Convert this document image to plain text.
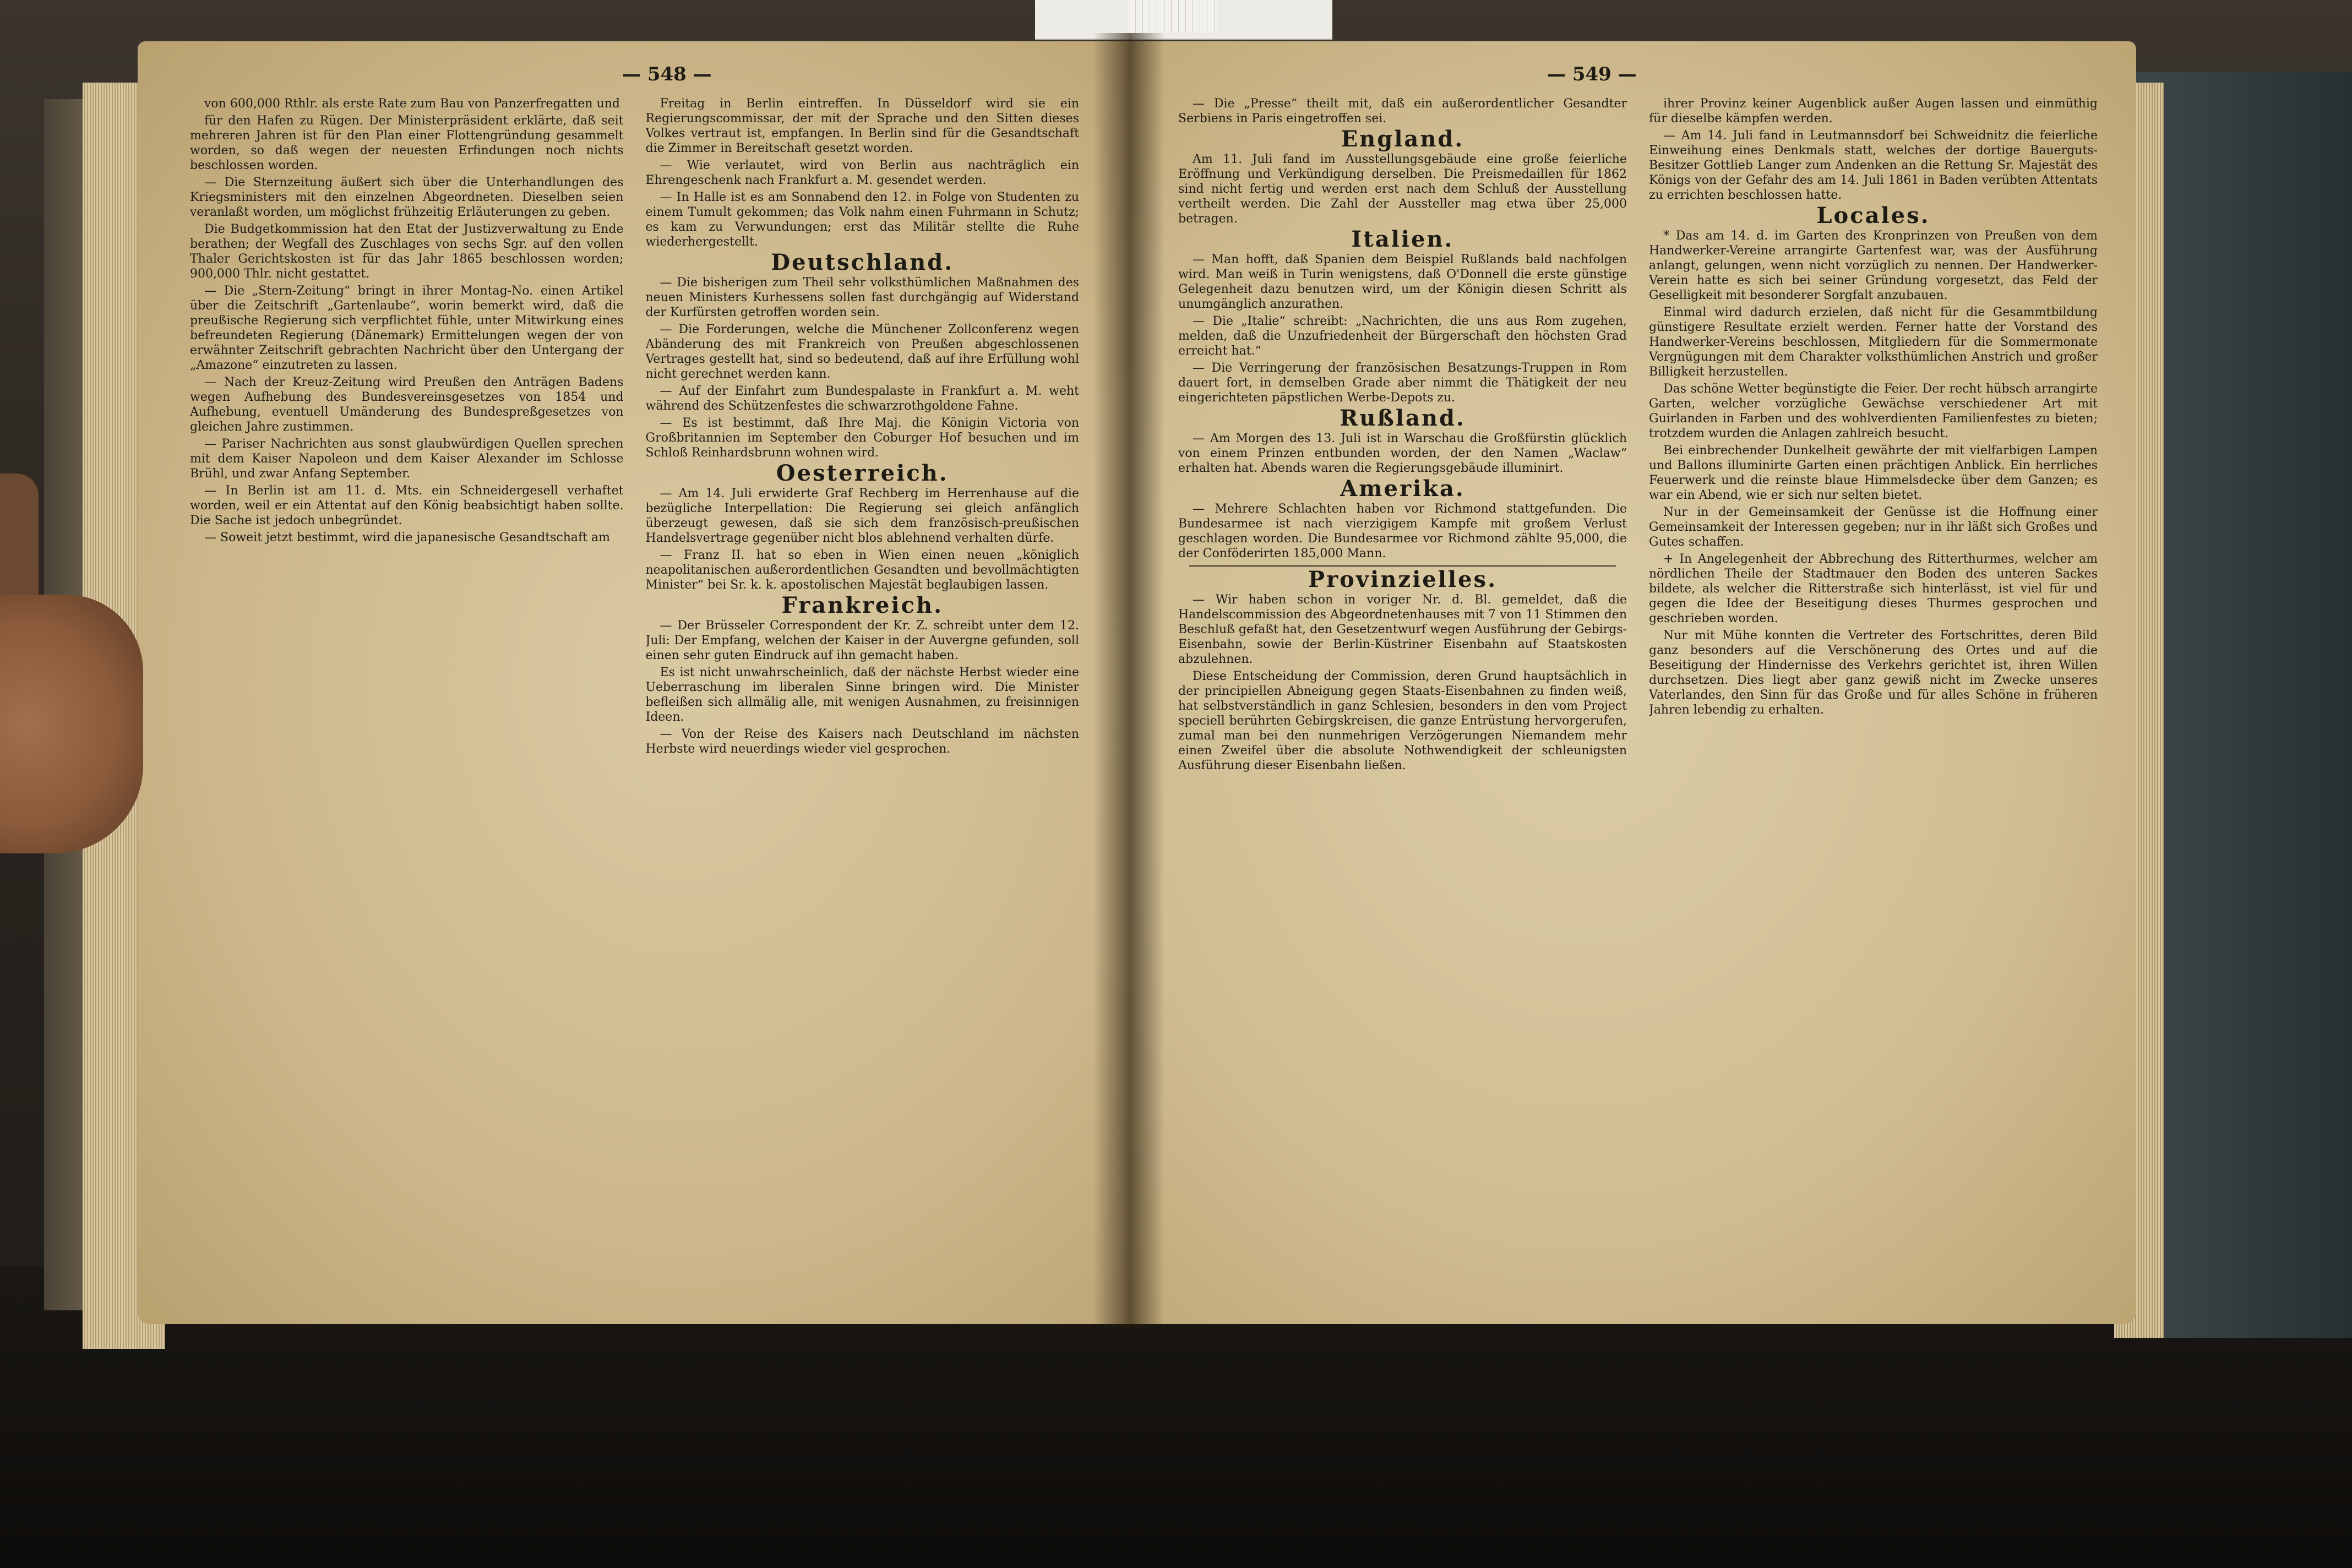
— 548 —

von 600,000 Rthlr. als erste Rate zum Bau von Panzerfregatten und

für den Hafen zu Rügen. Der Ministerpräsident erklärte, daß seit mehreren Jahren ist für den Plan einer Flottengründung gesammelt worden, so daß wegen der neuesten Erfindungen noch nichts beschlossen worden.

— Die Sternzeitung äußert sich über die Unterhandlungen des Kriegsministers mit den einzelnen Abgeordneten. Dieselben seien veranlaßt worden, um möglichst frühzeitig Erläuterungen zu geben.

Die Budgetkommission hat den Etat der Justizverwaltung zu Ende berathen; der Wegfall des Zuschlages von sechs Sgr. auf den vollen Thaler Gerichtskosten ist für das Jahr 1865 beschlossen worden; 900,000 Thlr. nicht gestattet.

— Die „Stern-Zeitung“ bringt in ihrer Montag-No. einen Artikel über die Zeitschrift „Gartenlaube“, worin bemerkt wird, daß die preußische Regierung sich verpflichtet fühle, unter Mitwirkung eines befreundeten Regierung (Dänemark) Ermittelungen wegen der von erwähnter Zeitschrift gebrachten Nachricht über den Untergang der „Amazone“ einzutreten zu lassen.

— Nach der Kreuz-Zeitung wird Preußen den Anträgen Badens wegen Aufhebung des Bundesvereinsgesetzes von 1854 und Aufhebung, eventuell Umänderung des Bundespreßgesetzes von gleichen Jahre zustimmen.

— Pariser Nachrichten aus sonst glaubwürdigen Quellen sprechen mit dem Kaiser Napoleon und dem Kaiser Alexander im Schlosse Brühl, und zwar Anfang September.

— In Berlin ist am 11. d. Mts. ein Schneidergesell verhaftet worden, weil er ein Attentat auf den König beabsichtigt haben sollte. Die Sache ist jedoch unbegründet.

— Soweit jetzt bestimmt, wird die japanesische Gesandtschaft am

Freitag in Berlin eintreffen. In Düsseldorf wird sie ein Regierungscommissar, der mit der Sprache und den Sitten dieses Volkes vertraut ist, empfangen. In Berlin sind für die Gesandtschaft die Zimmer in Bereitschaft gesetzt worden.

— Wie verlautet, wird von Berlin aus nachträglich ein Ehrengeschenk nach Frankfurt a. M. gesendet werden.

— In Halle ist es am Sonnabend den 12. in Folge von Studenten zu einem Tumult gekommen; das Volk nahm einen Fuhrmann in Schutz; es kam zu Verwundungen; erst das Militär stellte die Ruhe wiederhergestellt.

Deutschland.

— Die bisherigen zum Theil sehr volksthümlichen Maßnahmen des neuen Ministers Kurhessens sollen fast durchgängig auf Widerstand der Kurfürsten getroffen worden sein.

— Die Forderungen, welche die Münchener Zollconferenz wegen Abänderung des mit Frankreich von Preußen abgeschlossenen Vertrages gestellt hat, sind so bedeutend, daß auf ihre Erfüllung wohl nicht gerechnet werden kann.

— Auf der Einfahrt zum Bundespalaste in Frankfurt a. M. weht während des Schützenfestes die schwarzrothgoldene Fahne.

— Es ist bestimmt, daß Ihre Maj. die Königin Victoria von Großbritannien im September den Coburger Hof besuchen und im Schloß Reinhardsbrunn wohnen wird.

Oesterreich.

— Am 14. Juli erwiderte Graf Rechberg im Herrenhause auf die bezügliche Interpellation: Die Regierung sei gleich anfänglich überzeugt gewesen, daß sie sich dem französisch-preußischen Handelsvertrage gegenüber nicht blos ablehnend verhalten dürfe.

— Franz II. hat so eben in Wien einen neuen „königlich neapolitanischen außerordentlichen Gesandten und bevollmächtigten Minister“ bei Sr. k. k. apostolischen Majestät beglaubigen lassen.

Frankreich.

— Der Brüsseler Correspondent der Kr. Z. schreibt unter dem 12. Juli: Der Empfang, welchen der Kaiser in der Auvergne gefunden, soll einen sehr guten Eindruck auf ihn gemacht haben.

Es ist nicht unwahrscheinlich, daß der nächste Herbst wieder eine Ueberraschung im liberalen Sinne bringen wird. Die Minister befleißen sich allmälig alle, mit wenigen Ausnahmen, zu freisinnigen Ideen.

— Von der Reise des Kaisers nach Deutschland im nächsten Herbste wird neuerdings wieder viel gesprochen.

— 549 —

— Die „Presse“ theilt mit, daß ein außerordentlicher Gesandter Serbiens in Paris eingetroffen sei.

England.

Am 11. Juli fand im Ausstellungsgebäude eine große feierliche Eröffnung und Verkündigung derselben. Die Preismedaillen für 1862 sind nicht fertig und werden erst nach dem Schluß der Ausstellung vertheilt werden. Die Zahl der Aussteller mag etwa über 25,000 betragen.

Italien.

— Man hofft, daß Spanien dem Beispiel Rußlands bald nachfolgen wird. Man weiß in Turin wenigstens, daß O'Donnell die erste günstige Gelegenheit dazu benutzen wird, um der Königin diesen Schritt als unumgänglich anzurathen.

— Die „Italie“ schreibt: „Nachrichten, die uns aus Rom zugehen, melden, daß die Unzufriedenheit der Bürgerschaft den höchsten Grad erreicht hat.“

— Die Verringerung der französischen Besatzungs-Truppen in Rom dauert fort, in demselben Grade aber nimmt die Thätigkeit der neu eingerichteten päpstlichen Werbe-Depots zu.

Rußland.

— Am Morgen des 13. Juli ist in Warschau die Großfürstin glücklich von einem Prinzen entbunden worden, der den Namen „Waclaw“ erhalten hat. Abends waren die Regierungsgebäude illuminirt.

Amerika.

— Mehrere Schlachten haben vor Richmond stattgefunden. Die Bundesarmee ist nach vierzigigem Kampfe mit großem Verlust geschlagen worden. Die Bundesarmee vor Richmond zählte 95,000, die der Conföderirten 185,000 Mann.

Provinzielles.

— Wir haben schon in voriger Nr. d. Bl. gemeldet, daß die Handelscommission des Abgeordnetenhauses mit 7 von 11 Stimmen den Beschluß gefaßt hat, den Gesetzentwurf wegen Ausführung der Gebirgs-Eisenbahn, sowie der Berlin-Küstriner Eisenbahn auf Staatskosten abzulehnen.

Diese Entscheidung der Commission, deren Grund hauptsächlich in der principiellen Abneigung gegen Staats-Eisenbahnen zu finden weiß, hat selbstverständlich in ganz Schlesien, besonders in den vom Project speciell berührten Gebirgskreisen, die ganze Entrüstung hervorgerufen, zumal man bei den nunmehrigen Verzögerungen Niemandem mehr einen Zweifel über die absolute Nothwendigkeit der schleunigsten Ausführung dieser Eisenbahn ließen.

ihrer Provinz keiner Augenblick außer Augen lassen und einmüthig für dieselbe kämpfen werden.

— Am 14. Juli fand in Leutmannsdorf bei Schweidnitz die feierliche Einweihung eines Denkmals statt, welches der dortige Bauerguts-Besitzer Gottlieb Langer zum Andenken an die Rettung Sr. Majestät des Königs von der Gefahr des am 14. Juli 1861 in Baden verübten Attentats zu errichten beschlossen hatte.

Locales.

* Das am 14. d. im Garten des Kronprinzen von Preußen von dem Handwerker-Vereine arrangirte Gartenfest war, was der Ausführung anlangt, gelungen, wenn nicht vorzüglich zu nennen. Der Handwerker-Verein hatte es sich bei seiner Gründung vorgesetzt, das Feld der Geselligkeit mit besonderer Sorgfalt anzubauen.

Einmal wird dadurch erzielen, daß nicht für die Gesammtbildung günstigere Resultate erzielt werden. Ferner hatte der Vorstand des Handwerker-Vereins beschlossen, Mitgliedern für die Sommermonate Vergnügungen mit dem Charakter volksthümlichen Anstrich und großer Billigkeit herzustellen.

Das schöne Wetter begünstigte die Feier. Der recht hübsch arrangirte Garten, welcher vorzügliche Gewächse verschiedener Art mit Guirlanden in Farben und des wohlverdienten Familienfestes zu bieten; trotzdem wurden die Anlagen zahlreich besucht.

Bei einbrechender Dunkelheit gewährte der mit vielfarbigen Lampen und Ballons illuminirte Garten einen prächtigen Anblick. Ein herrliches Feuerwerk und die reinste blaue Himmelsdecke über dem Ganzen; es war ein Abend, wie er sich nur selten bietet.

Nur in der Gemeinsamkeit der Genüsse ist die Hoffnung einer Gemeinsamkeit der Interessen gegeben; nur in ihr läßt sich Großes und Gutes schaffen.

+ In Angelegenheit der Abbrechung des Ritterthurmes, welcher am nördlichen Theile der Stadtmauer den Boden des unteren Sackes bildete, als welcher die Ritterstraße sich hinterlässt, ist viel für und gegen die Idee der Beseitigung dieses Thurmes gesprochen und geschrieben worden.

Nur mit Mühe konnten die Vertreter des Fortschrittes, deren Bild ganz besonders auf die Verschönerung des Ortes und auf die Beseitigung der Hindernisse des Verkehrs gerichtet ist, ihren Willen durchsetzen. Dies liegt aber ganz gewiß nicht im Zwecke unseres Vaterlandes, den Sinn für das Große und für alles Schöne in früheren Jahren lebendig zu erhalten.
